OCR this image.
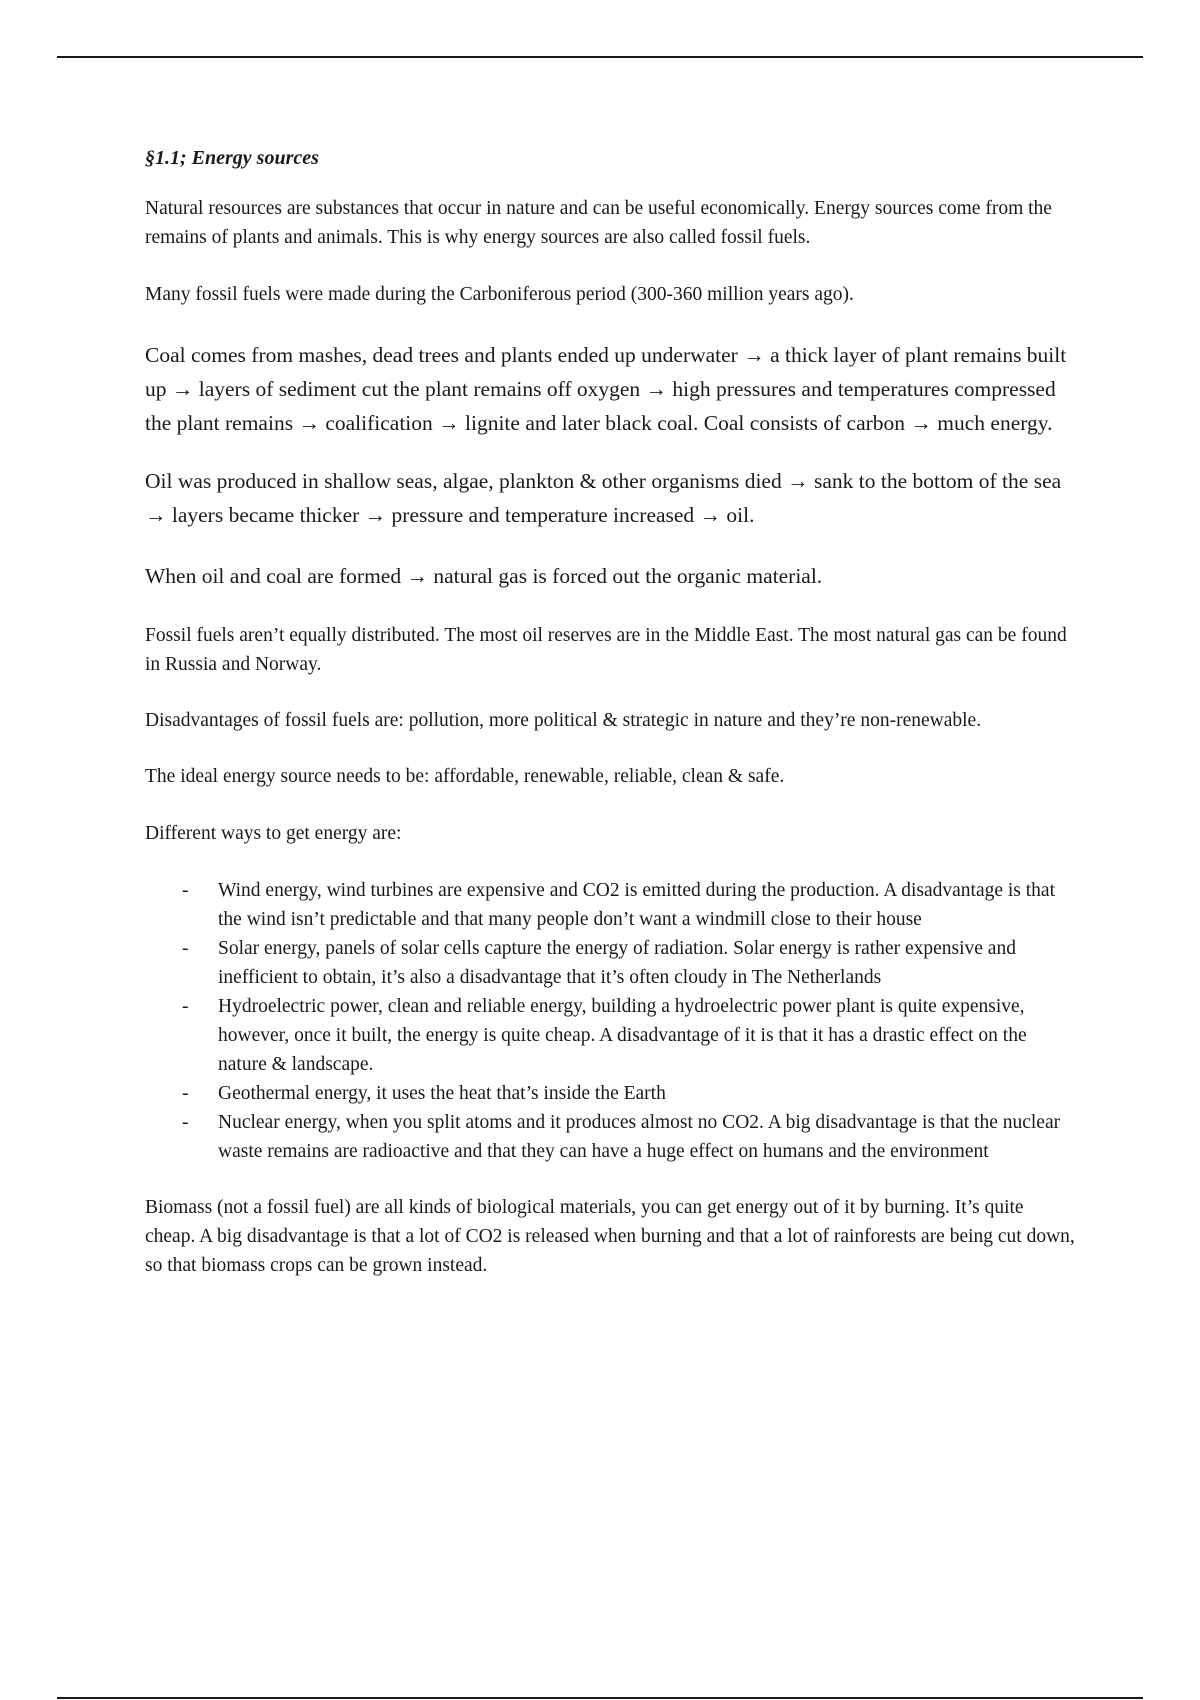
§1.1; Energy sources

Natural resources are substances that occur in nature and can be useful economically. Energy sources come from the remains of plants and animals. This is why energy sources are also called fossil fuels.

Many fossil fuels were made during the Carboniferous period (300-360 million years ago).

Coal comes from mashes, dead trees and plants ended up underwater → a thick layer of plant remains built up → layers of sediment cut the plant remains off oxygen → high pressures and temperatures compressed the plant remains → coalification → lignite and later black coal. Coal consists of carbon → much energy.

Oil was produced in shallow seas, algae, plankton & other organisms died → sank to the bottom of the sea → layers became thicker → pressure and temperature increased → oil.

When oil and coal are formed → natural gas is forced out the organic material.

Fossil fuels aren’t equally distributed. The most oil reserves are in the Middle East. The most natural gas can be found in Russia and Norway.

Disadvantages of fossil fuels are: pollution, more political & strategic in nature and they’re non-renewable.

The ideal energy source needs to be: affordable, renewable, reliable, clean & safe.

Different ways to get energy are:

- Wind energy, wind turbines are expensive and CO2 is emitted during the production. A disadvantage is that the wind isn’t predictable and that many people don’t want a windmill close to their house
- Solar energy, panels of solar cells capture the energy of radiation. Solar energy is rather expensive and inefficient to obtain, it’s also a disadvantage that it’s often cloudy in The Netherlands
- Hydroelectric power, clean and reliable energy, building a hydroelectric power plant is quite expensive, however, once it built, the energy is quite cheap. A disadvantage of it is that it has a drastic effect on the nature & landscape.
- Geothermal energy, it uses the heat that’s inside the Earth
- Nuclear energy, when you split atoms and it produces almost no CO2. A big disadvantage is that the nuclear waste remains are radioactive and that they can have a huge effect on humans and the environment

Biomass (not a fossil fuel) are all kinds of biological materials, you can get energy out of it by burning. It’s quite cheap. A big disadvantage is that a lot of CO2 is released when burning and that a lot of rainforests are being cut down, so that biomass crops can be grown instead.
